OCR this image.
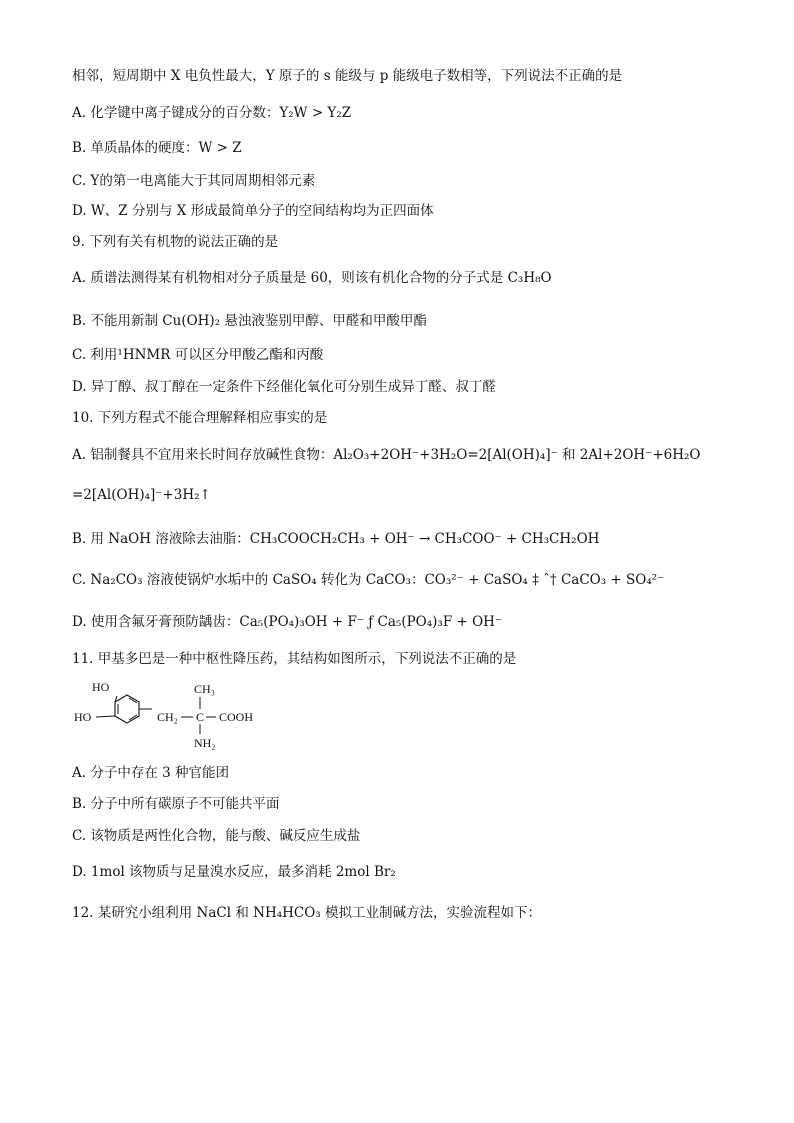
相邻，短周期中 X 电负性最大，Y 原子的 s 能级与 p 能级电子数相等，下列说法不正确的是
A. 化学键中离子键成分的百分数：Y₂W > Y₂Z
B. 单质晶体的硬度：W > Z
C. Y的第一电离能大于其同周期相邻元素
D. W、Z 分别与 X 形成最简单分子的空间结构均为正四面体
9. 下列有关有机物的说法正确的是
A. 质谱法测得某有机物相对分子质量是 60，则该有机化合物的分子式是 C₃H₈O
B. 不能用新制 Cu(OH)₂ 悬浊液鉴别甲醇、甲醛和甲酸甲酯
C. 利用¹HNMR 可以区分甲酸乙酯和丙酸
D. 异丁醇、叔丁醇在一定条件下经催化氧化可分别生成异丁醛、叔丁醛
10. 下列方程式不能合理解释相应事实的是
A. 铝制餐具不宜用来长时间存放碱性食物：Al₂O₃+2OH⁻+3H₂O=2[Al(OH)₄]⁻ 和 2Al+2OH⁻+6H₂O
=2[Al(OH)₄]⁻+3H₂↑
B. 用 NaOH 溶液除去油脂：CH₃COOCH₂CH₃ + OH⁻ → CH₃COO⁻ + CH₃CH₂OH
C. Na₂CO₃ 溶液使锅炉水垢中的 CaSO₄ 转化为 CaCO₃：CO₃²⁻ + CaSO₄ ‡ ˆ† CaCO₃ + SO₄²⁻
D. 使用含氟牙膏预防龋齿：Ca₅(PO₄)₃OH + F⁻ ƒ Ca₅(PO₄)₃F + OH⁻
11. 甲基多巴是一种中枢性降压药，其结构如图所示，下列说法不正确的是
HO
HO	CH₂ C COOH
CH₃
NH₂
A. 分子中存在 3 种官能团
B. 分子中所有碳原子不可能共平面
C. 该物质是两性化合物，能与酸、碱反应生成盐
D. 1mol 该物质与足量溴水反应，最多消耗 2mol Br₂
12. 某研究小组利用 NaCl 和 NH₄HCO₃ 模拟工业制碱方法，实验流程如下：
